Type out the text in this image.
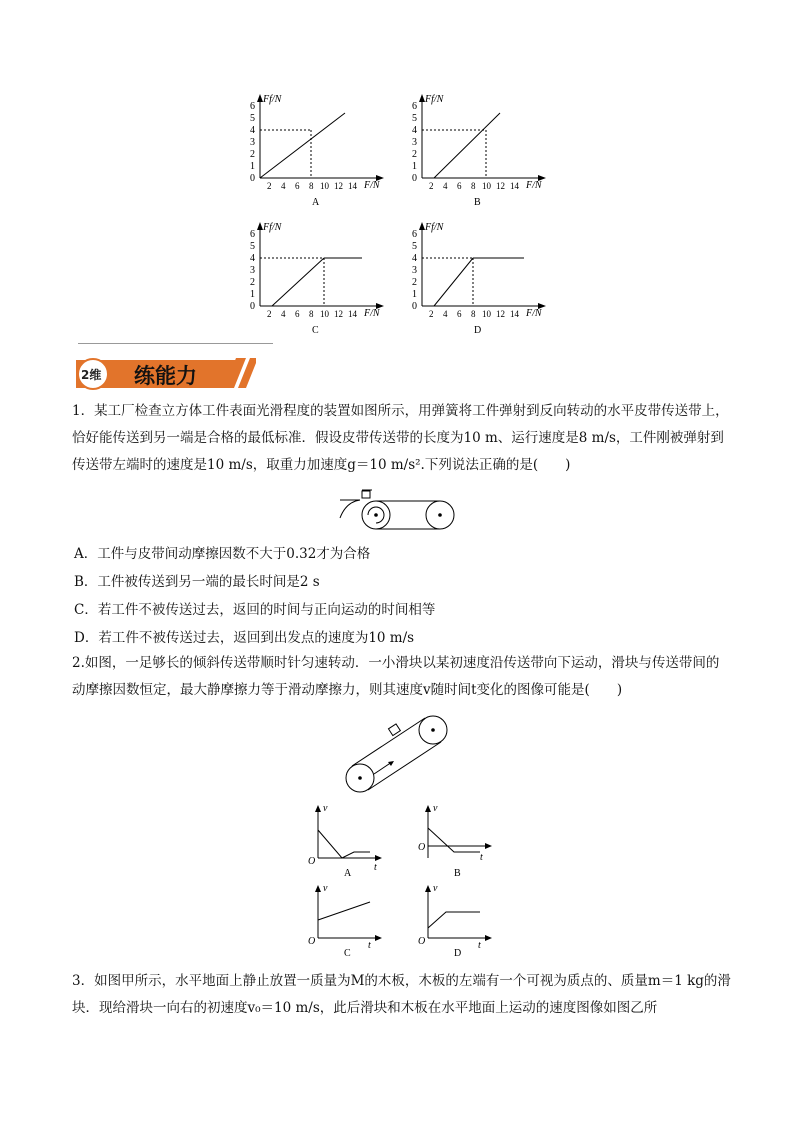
Ff/N
F/N
0
1
2
3
4
5
6
2 4 6 8 10 12 14
A
Ff/N
F/N
0
1
2
3
4
5
6
2 4 6 8 10 12 14
B
Ff/N
F/N
0
1
2
3
4
5
6
2 4 6 8 10 12 14
C
Ff/N
F/N
0
1
2
3
4
5
6
2 4 6 8 10 12 14
D
2维 练能力
1．某工厂检查立方体工件表面光滑程度的装置如图所示，用弹簧将工件弹射到反向转动的水平皮带传送带上，恰好能传送到另一端是合格的最低标准．假设皮带传送带的长度为10 m、运行速度是8 m/s，工件刚被弹射到传送带左端时的速度是10 m/s，取重力加速度g＝10 m/s².下列说法正确的是(　　)
A．工件与皮带间动摩擦因数不大于0.32才为合格
B．工件被传送到另一端的最长时间是2 s
C．若工件不被传送过去，返回的时间与正向运动的时间相等
D．若工件不被传送过去，返回到出发点的速度为10 m/s
2.如图，一足够长的倾斜传送带顺时针匀速转动．一小滑块以某初速度沿传送带向下运动，滑块与传送带间的动摩擦因数恒定，最大静摩擦力等于滑动摩擦力，则其速度v随时间t变化的图像可能是(　　)
v
t
O
A
v
t
O
B
v
t
O
C
v
t
O
D
3．如图甲所示，水平地面上静止放置一质量为M的木板，木板的左端有一个可视为质点的、质量m＝1 kg的滑块．现给滑块一向右的初速度v₀＝10 m/s，此后滑块和木板在水平地面上运动的速度图像如图乙所
